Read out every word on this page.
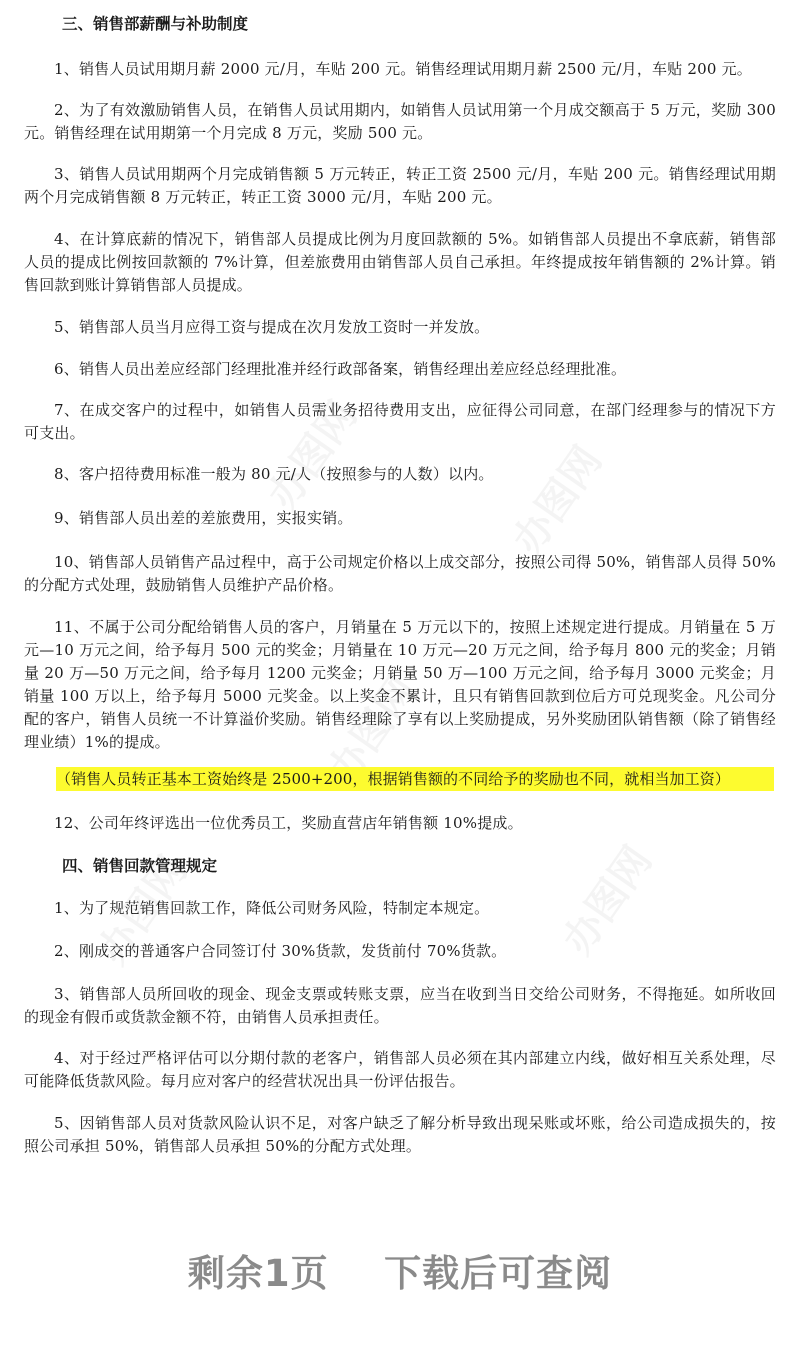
三、销售部薪酬与补助制度

1、销售人员试用期月薪 2000 元/月，车贴 200 元。销售经理试用期月薪 2500 元/月，车贴 200 元。

2、为了有效激励销售人员，在销售人员试用期内，如销售人员试用第一个月成交额高于 5 万元，奖励 300 元。销售经理在试用期第一个月完成 8 万元，奖励 500 元。

3、销售人员试用期两个月完成销售额 5 万元转正，转正工资 2500 元/月，车贴 200 元。销售经理试用期两个月完成销售额 8 万元转正，转正工资 3000 元/月，车贴 200 元。

4、在计算底薪的情况下，销售部人员提成比例为月度回款额的 5%。如销售部人员提出不拿底薪，销售部人员的提成比例按回款额的 7%计算，但差旅费用由销售部人员自己承担。年终提成按年销售额的 2%计算。销售回款到账计算销售部人员提成。

5、销售部人员当月应得工资与提成在次月发放工资时一并发放。

6、销售人员出差应经部门经理批准并经行政部备案，销售经理出差应经总经理批准。

7、在成交客户的过程中，如销售人员需业务招待费用支出，应征得公司同意，在部门经理参与的情况下方可支出。

8、客户招待费用标准一般为 80 元/人（按照参与的人数）以内。

9、销售部人员出差的差旅费用，实报实销。

10、销售部人员销售产品过程中，高于公司规定价格以上成交部分，按照公司得 50%，销售部人员得 50%的分配方式处理，鼓励销售人员维护产品价格。

11、不属于公司分配给销售人员的客户，月销量在 5 万元以下的，按照上述规定进行提成。月销量在 5 万元—10 万元之间，给予每月 500 元的奖金；月销量在 10 万元—20 万元之间，给予每月 800 元的奖金；月销量 20 万—50 万元之间，给予每月 1200 元奖金；月销量 50 万—100 万元之间，给予每月 3000 元奖金；月销量 100 万以上，给予每月 5000 元奖金。以上奖金不累计，且只有销售回款到位后方可兑现奖金。凡公司分配的客户，销售人员统一不计算溢价奖励。销售经理除了享有以上奖励提成，另外奖励团队销售额（除了销售经理业绩）1%的提成。

（销售人员转正基本工资始终是 2500+200，根据销售额的不同给予的奖励也不同，就相当加工资）

12、公司年终评选出一位优秀员工，奖励直营店年销售额 10%提成。

四、销售回款管理规定

1、为了规范销售回款工作，降低公司财务风险，特制定本规定。

2、刚成交的普通客户合同签订付 30%货款，发货前付 70%货款。

3、销售部人员所回收的现金、现金支票或转账支票，应当在收到当日交给公司财务，不得拖延。如所收回的现金有假币或货款金额不符，由销售人员承担责任。

4、对于经过严格评估可以分期付款的老客户，销售部人员必须在其内部建立内线，做好相互关系处理，尽可能降低货款风险。每月应对客户的经营状况出具一份评估报告。

5、因销售部人员对货款风险认识不足，对客户缺乏了解分析导致出现呆账或坏账，给公司造成损失的，按照公司承担 50%，销售部人员承担 50%的分配方式处理。

剩余1页 下载后可查阅
